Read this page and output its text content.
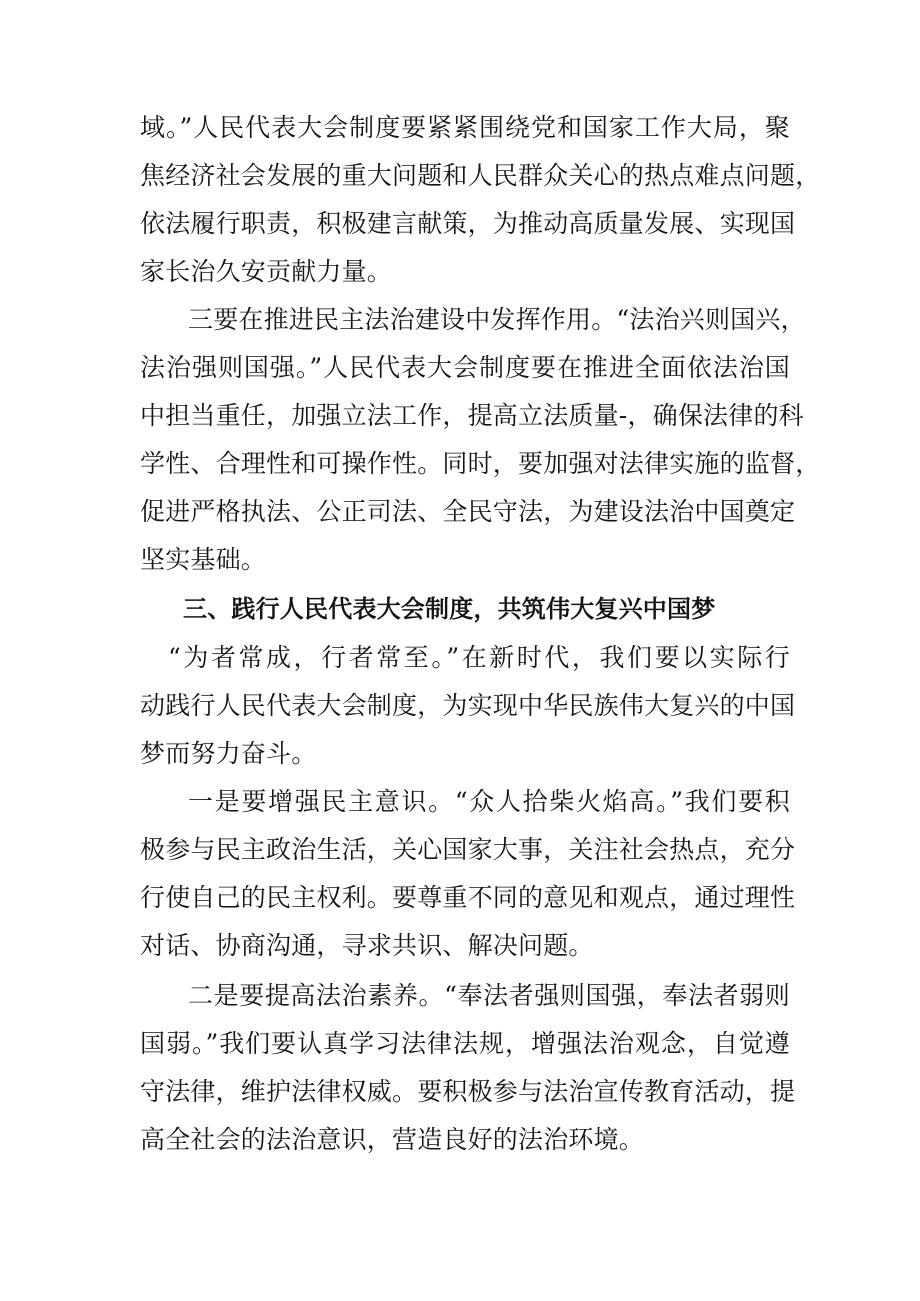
域。”人民代表大会制度要紧紧围绕党和国家工作大局，聚
焦经济社会发展的重大问题和人民群众关心的热点难点问题，
依法履行职责，积极建言献策，为推动高质量发展、实现国
家长治久安贡献力量。
三要在推进民主法治建设中发挥作用。“法治兴则国兴，
法治强则国强。”人民代表大会制度要在推进全面依法治国
中担当重任，加强立法工作，提高立法质量-，确保法律的科
学性、合理性和可操作性。同时，要加强对法律实施的监督，
促进严格执法、公正司法、全民守法，为建设法治中国奠定
坚实基础。
三、践行人民代表大会制度，共筑伟大复兴中国梦
“为者常成，行者常至。”在新时代，我们要以实际行
动践行人民代表大会制度，为实现中华民族伟大复兴的中国
梦而努力奋斗。
一是要增强民主意识。“众人拾柴火焰高。”我们要积
极参与民主政治生活，关心国家大事，关注社会热点，充分
行使自己的民主权利。要尊重不同的意见和观点，通过理性
对话、协商沟通，寻求共识、解决问题。
二是要提高法治素养。“奉法者强则国强，奉法者弱则
国弱。”我们要认真学习法律法规，增强法治观念，自觉遵
守法律，维护法律权威。要积极参与法治宣传教育活动，提
高全社会的法治意识，营造良好的法治环境。
